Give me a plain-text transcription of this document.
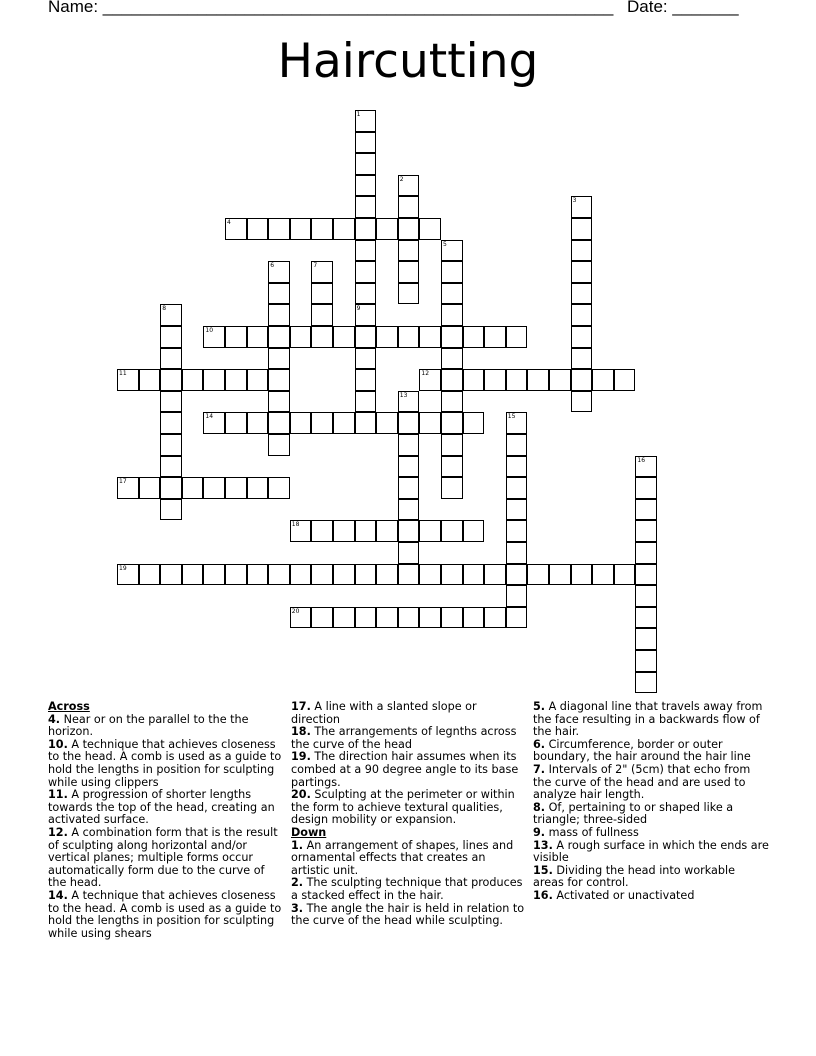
Name: ______________________________________________________ Date: _______
Haircutting
1
9
2
3
4
5
6	7
8
10
11	12
13
14	15
16
17
18
19
20
Across
4. Near or on the parallel to the the horizon.
10. A technique that achieves closeness to the head. A comb is used as a guide to hold the lengths in position for sculpting while using clippers
11. A progression of shorter lengths towards the top of the head, creating an activated surface.
12. A combination form that is the result of sculpting along horizontal and/or vertical planes; multiple forms occur automatically form due to the curve of the head.
14. A technique that achieves closeness to the head. A comb is used as a guide to hold the lengths in position for sculpting while using shears
17. A line with a slanted slope or direction
18. The arrangements of legnths across the curve of the head
19. The direction hair assumes when its combed at a 90 degree angle to its base partings.
20. Sculpting at the perimeter or within the form to achieve textural qualities, design mobility or expansion.
Down
1. An arrangement of shapes, lines and ornamental effects that creates an artistic unit.
2. The sculpting technique that produces a stacked effect in the hair.
3. The angle the hair is held in relation to the curve of the head while sculpting.
5. A diagonal line that travels away from the face resulting in a backwards flow of the hair.
6. Circumference, border or outer boundary, the hair around the hair line
7. Intervals of 2" (5cm) that echo from the curve of the head and are used to analyze hair length.
8. Of, pertaining to or shaped like a triangle; three-sided
9. mass of fullness
13. A rough surface in which the ends are visible
15. Dividing the head into workable areas for control.
16. Activated or unactivated
